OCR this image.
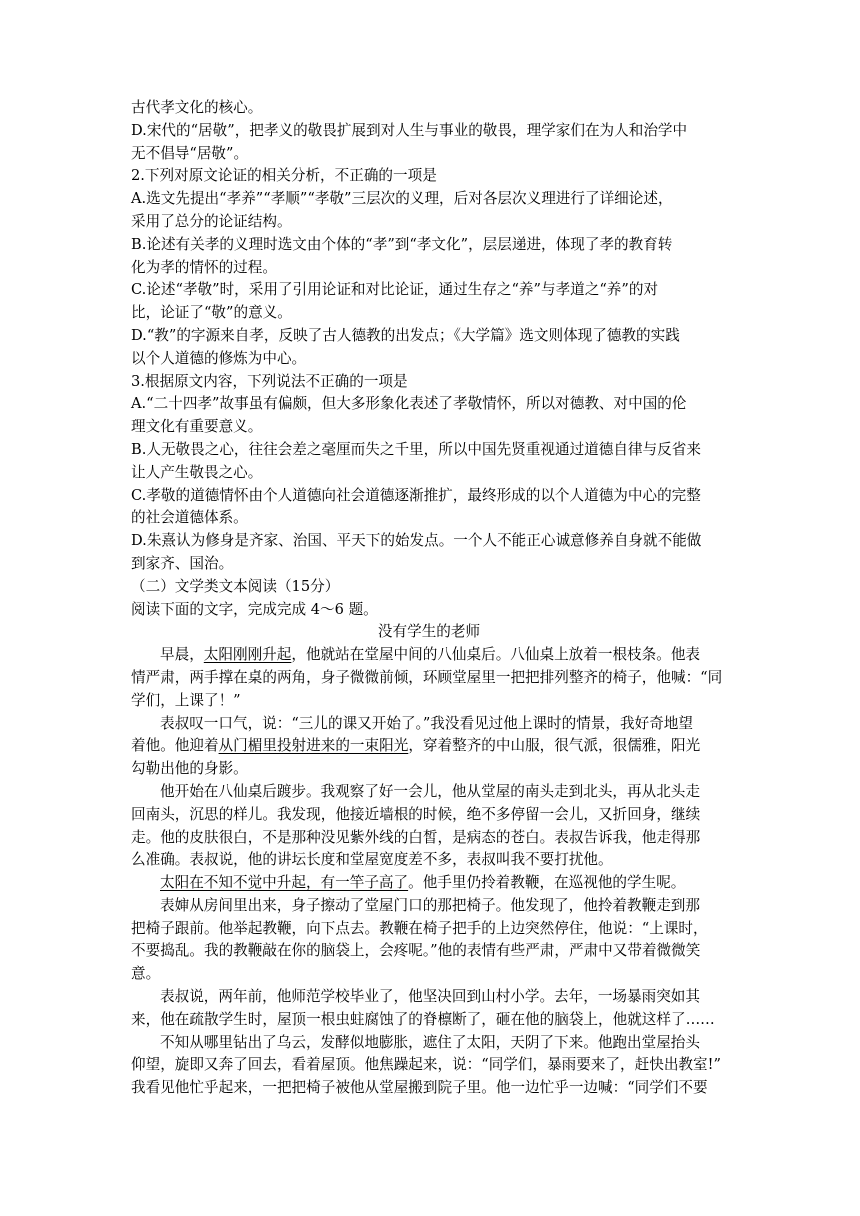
古代孝文化的核心。
D.宋代的“居敬”，把孝义的敬畏扩展到对人生与事业的敬畏，理学家们在为人和治学中
无不倡导“居敬”。
2.下列对原文论证的相关分析，不正确的一项是
A.选文先提出“孝养”“孝顺”“孝敬”三层次的义理，后对各层次义理进行了详细论述，
采用了总分的论证结构。
B.论述有关孝的义理时选文由个体的“孝”到“孝文化”，层层递进，体现了孝的教育转
化为孝的情怀的过程。
C.论述“孝敬”时，采用了引用论证和对比论证，通过生存之“养”与孝道之“养”的对
比，论证了“敬”的意义。
D.“教”的字源来自孝，反映了古人德教的出发点；《大学篇》选文则体现了德教的实践
以个人道德的修炼为中心。
3.根据原文内容，下列说法不正确的一项是
A.“二十四孝”故事虽有偏颇，但大多形象化表述了孝敬情怀，所以对德教、对中国的伦
理文化有重要意义。
B.人无敬畏之心，往往会差之毫厘而失之千里，所以中国先贤重视通过道德自律与反省来
让人产生敬畏之心。
C.孝敬的道德情怀由个人道德向社会道德逐渐推扩，最终形成的以个人道德为中心的完整
的社会道德体系。
D.朱熹认为修身是齐家、治国、平天下的始发点。一个人不能正心诚意修养自身就不能做
到家齐、国治。
（二）文学类文本阅读（15分）
阅读下面的文字，完成完成 4～6 题。
没有学生的老师
早晨，太阳刚刚升起，他就站在堂屋中间的八仙桌后。八仙桌上放着一根枝条。他表
情严肃，两手撑在桌的两角，身子微微前倾，环顾堂屋里一把把排列整齐的椅子，他喊：“同
学们，上课了！”
表叔叹一口气，说：“三儿的课又开始了。”我没看见过他上课时的情景，我好奇地望
着他。他迎着从门楣里投射进来的一束阳光，穿着整齐的中山服，很气派，很儒雅，阳光
勾勒出他的身影。
他开始在八仙桌后踱步。我观察了好一会儿，他从堂屋的南头走到北头，再从北头走
回南头，沉思的样儿。我发现，他接近墙根的时候，绝不多停留一会儿，又折回身，继续
走。他的皮肤很白，不是那种没见紫外线的白皙，是病态的苍白。表叔告诉我，他走得那
么准确。表叔说，他的讲坛长度和堂屋宽度差不多，表叔叫我不要打扰他。
太阳在不知不觉中升起，有一竿子高了。他手里仍拎着教鞭，在巡视他的学生呢。
表婶从房间里出来，身子擦动了堂屋门口的那把椅子。他发现了，他拎着教鞭走到那
把椅子跟前。他举起教鞭，向下点去。教鞭在椅子把手的上边突然停住，他说：“上课时，
不要捣乱。我的教鞭敲在你的脑袋上，会疼呢。”他的表情有些严肃，严肃中又带着微微笑
意。
表叔说，两年前，他师范学校毕业了，他坚决回到山村小学。去年，一场暴雨突如其
来，他在疏散学生时，屋顶一根虫蛀腐蚀了的脊檩断了，砸在他的脑袋上，他就这样了……
不知从哪里钻出了乌云，发酵似地膨胀，遮住了太阳，天阴了下来。他跑出堂屋抬头
仰望，旋即又奔了回去，看着屋顶。他焦躁起来，说：“同学们，暴雨要来了，赶快出教室!”
我看见他忙乎起来，一把把椅子被他从堂屋搬到院子里。他一边忙乎一边喊：“同学们不要
